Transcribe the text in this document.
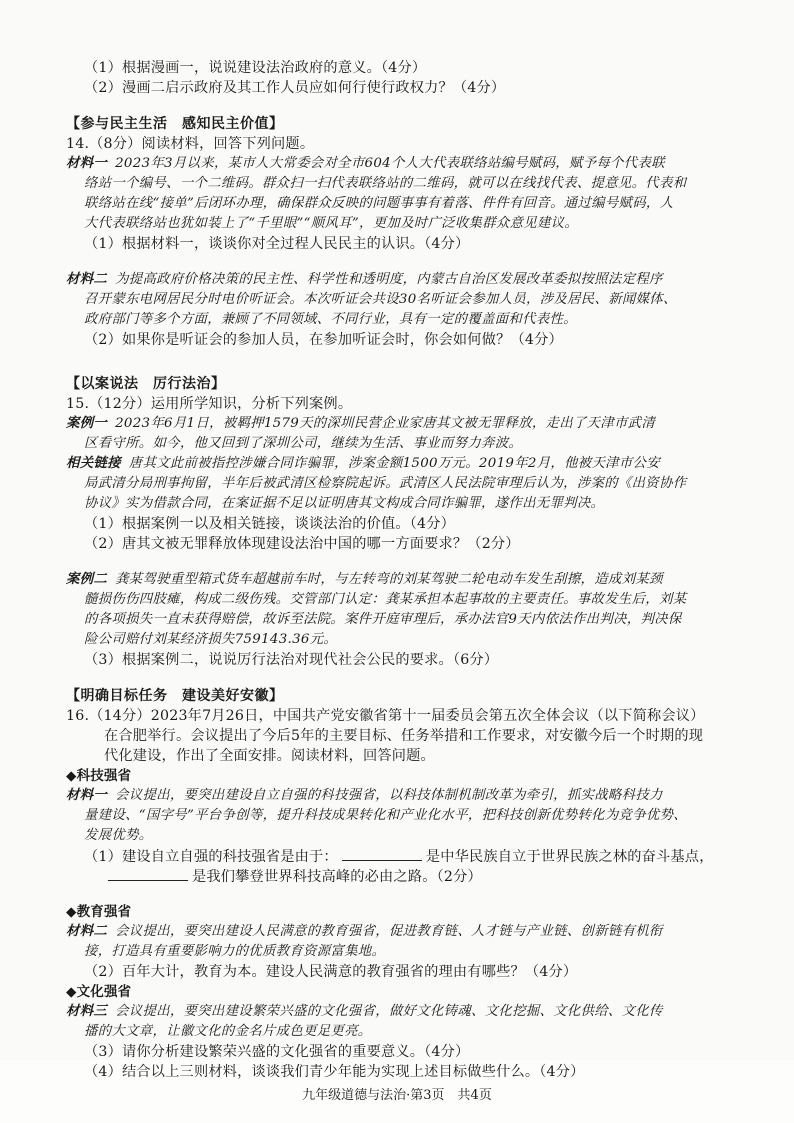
（1）根据漫画一，说说建设法治政府的意义。（4分）
（2）漫画二启示政府及其工作人员应如何行使行政权力？（4分）
【参与民主生活　感知民主价值】
14.（8分）阅读材料，回答下列问题。
材料一 2023年3月以来，某市人大常委会对全市604个人大代表联络站编号赋码，赋予每个代表联
络站一个编号、一个二维码。群众扫一扫代表联络站的二维码，就可以在线找代表、提意见。代表和
联络站在线“接单”后闭环办理，确保群众反映的问题事事有着落、件件有回音。通过编号赋码，人
大代表联络站也犹如装上了“千里眼”“顺风耳”，更加及时广泛收集群众意见建议。
（1）根据材料一，谈谈你对全过程人民民主的认识。（4分）
材料二 为提高政府价格决策的民主性、科学性和透明度，内蒙古自治区发展改革委拟按照法定程序
召开蒙东电网居民分时电价听证会。本次听证会共设30名听证会参加人员，涉及居民、新闻媒体、
政府部门等多个方面，兼顾了不同领域、不同行业，具有一定的覆盖面和代表性。
（2）如果你是听证会的参加人员，在参加听证会时，你会如何做？（4分）
【以案说法　厉行法治】
15.（12分）运用所学知识，分析下列案例。
案例一 2023年6月1日，被羁押1579天的深圳民营企业家唐其文被无罪释放，走出了天津市武清
区看守所。如今，他又回到了深圳公司，继续为生活、事业而努力奔波。
相关链接 唐其文此前被指控涉嫌合同诈骗罪，涉案金额1500万元。2019年2月，他被天津市公安
局武清分局刑事拘留，半年后被武清区检察院起诉。武清区人民法院审理后认为，涉案的《出资协作
协议》实为借款合同，在案证据不足以证明唐其文构成合同诈骗罪，遂作出无罪判决。
（1）根据案例一以及相关链接，谈谈法治的价值。（4分）
（2）唐其文被无罪释放体现建设法治中国的哪一方面要求？（2分）
案例二 龚某驾驶重型箱式货车超越前车时，与左转弯的刘某驾驶二轮电动车发生刮擦，造成刘某颈
髓损伤伤四肢瘫，构成二级伤残。交管部门认定：龚某承担本起事故的主要责任。事故发生后，刘某
的各项损失一直未获得赔偿，故诉至法院。案件开庭审理后，承办法官9天内依法作出判决，判决保
险公司赔付刘某经济损失759143.36元。
（3）根据案例二，说说厉行法治对现代社会公民的要求。（6分）
【明确目标任务　建设美好安徽】
16.（14分）2023年7月26日，中国共产党安徽省第十一届委员会第五次全体会议（以下简称会议）
在合肥举行。会议提出了今后5年的主要目标、任务举措和工作要求，对安徽今后一个时期的现
代化建设，作出了全面安排。阅读材料，回答问题。
◆科技强省
材料一 会议提出，要突出建设自立自强的科技强省，以科技体制机制改革为牵引，抓实战略科技力
量建设、“国字号”平台争创等，提升科技成果转化和产业化水平，把科技创新优势转化为竞争优势、
发展优势。
（1）建设自立自强的科技强省是由于：	是中华民族自立于世界民族之林的奋斗基点，
是我们攀登世界科技高峰的必由之路。（2分）
◆教育强省
材料二 会议提出，要突出建设人民满意的教育强省，促进教育链、人才链与产业链、创新链有机衔
接，打造具有重要影响力的优质教育资源富集地。
（2）百年大计，教育为本。建设人民满意的教育强省的理由有哪些？（4分）
◆文化强省
九年级道德与法治·第3页　共4页
材料三 会议提出，要突出建设繁荣兴盛的文化强省，做好文化铸魂、文化挖掘、文化供给、文化传
播的大文章，让徽文化的金名片成色更足更亮。
（3）请你分析建设繁荣兴盛的文化强省的重要意义。（4分）
（4）结合以上三则材料，谈谈我们青少年能为实现上述目标做些什么。（4分）
